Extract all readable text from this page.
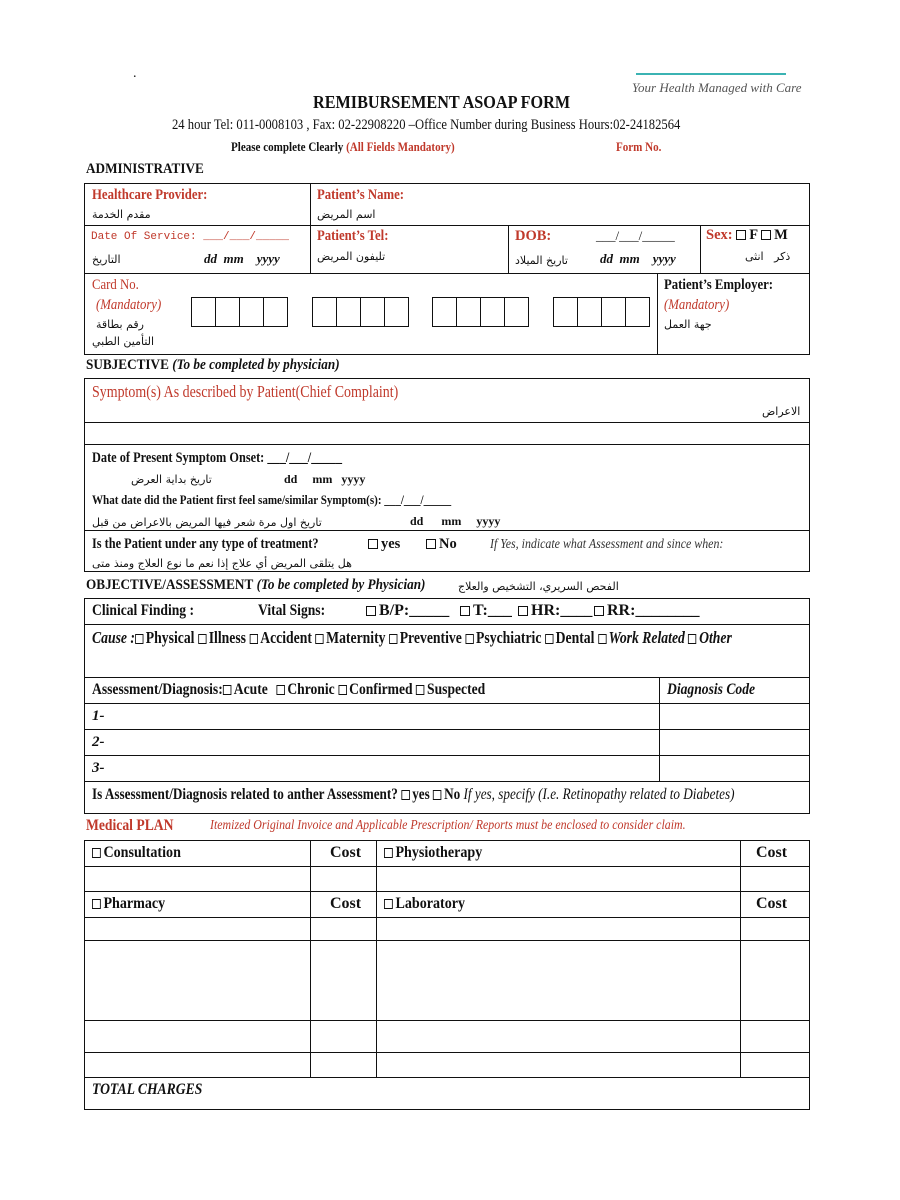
Your Health Managed with Care
.
REMIBURSEMENT ASOAP FORM
24 hour Tel: 011-0008103 , Fax: 02-22908220 –Office Number during Business Hours:02-24182564
Please complete Clearly (All Fields Mandatory)	Form No.
ADMINISTRATIVE
Healthcare Provider:
مقدم الخدمة
Patient’s Name:
اسم المريض
Date Of Service: ___/___/_____
التاريخ	dd  mm    yyyy
Patient’s Tel:
تليفون المريض
DOB:	___/___/_____
تاريخ الميلاد dd  mm    yyyy
Sex: F M
ذكر   انثى
Card No.
(Mandatory)
رقم بطاقة
التأمين الطبي
Patient’s Employer:
(Mandatory)
جهة العمل
SUBJECTIVE (To be completed by physician)
Symptom(s) As described by Patient(Chief Complaint)
الاعراض
Date of Present Symptom Onset: ___/___/_____
تاريخ بداية العرض	dd     mm   yyyy
What date did the Patient first feel same/similar Symptom(s): ___/___/_____
تاريخ اول مرة شعر فيها المريض بالاعراض من قبل	dd      mm     yyyy
Is the Patient under any type of treatment?	yes	No If Yes, indicate what Assessment and since when:
هل يتلقى المريض أي علاج إذا نعم ما نوع العلاج ومنذ متى
OBJECTIVE/ASSESSMENT (To be completed by Physician)	الفحص السريري، التشخيص والعلاج
Clinical Finding :	Vital Signs:	B/P:_____	T:___	HR:____ RR:________
Cause : Physical Illness Accident Maternity Preventive Psychiatric Dental Work Related Other
Assessment/Diagnosis: Acute Chronic Confirmed Suspected	Diagnosis Code
1-
2-
3-
Is Assessment/Diagnosis related to anther Assessment? yes No If yes, specify (I.e. Retinopathy related to Diabetes)
Medical PLAN	Itemized Original Invoice and Applicable Prescription/ Reports must be enclosed to consider claim.
Consultation	Cost	Physiotherapy	Cost
Pharmacy	Cost	Laboratory	Cost
TOTAL CHARGES
